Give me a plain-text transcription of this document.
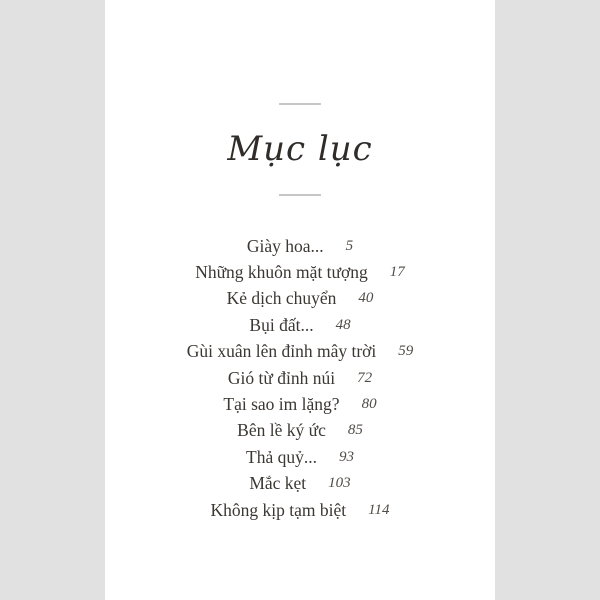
Mục lục
Giày hoa... 5
Những khuôn mặt tượng 17
Kẻ dịch chuyển 40
Bụi đất... 48
Gùi xuân lên đỉnh mây trời 59
Gió từ đỉnh núi 72
Tại sao im lặng? 80
Bên lề ký ức 85
Thả quỷ... 93
Mắc kẹt 103
Không kịp tạm biệt 114
